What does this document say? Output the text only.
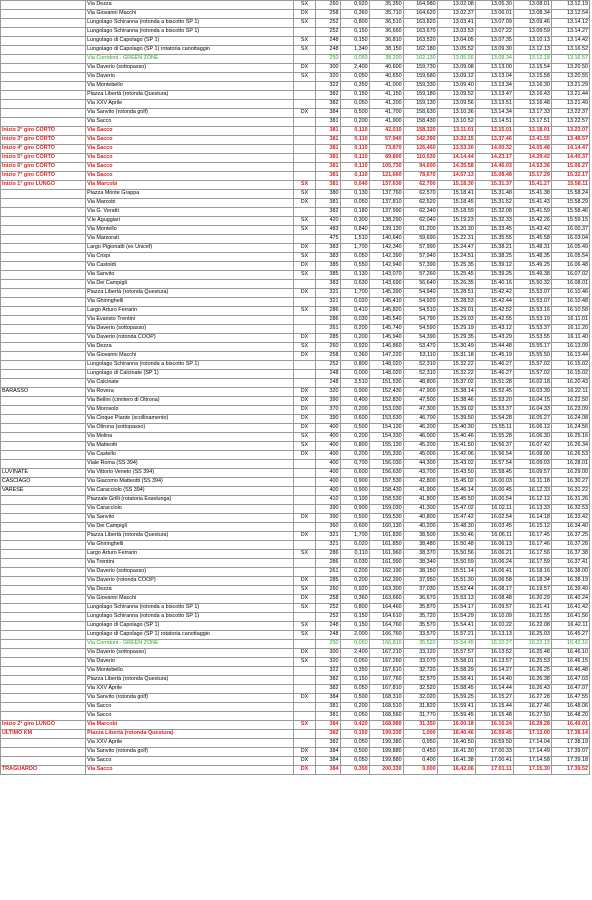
	Via Dezza	SX	260	0,920	35,350	164,980	13.02.08	13.05.30	13.08.01	13.12.19
	Via Giovanni Macchi	DX	258	0,360	35,710	164,620	13.02.37	13.06.01	13.08.34	13.12.54
	Lungolago Schiranna (rotonda a biscotto SP 1)	SX	252	0,800	36,510	163,820	13.03.41	13.07.09	13.09.46	13.14.12
	Lungolago Schiranna (rotonda a biscotto SP 1)		252	0,150	36,660	163,670	13.03.53	13.07.22	13.09.59	13.14.27
	Lungolago di Capolago (SP 1)	SX	248	0,150	36,810	163,520	13.04.05	13.07.35	13.10.13	13.14.42
	Lungolago di Capolago (SP 1) rotatoria canottaggio	SX	248	1,340	38,150	162,180	13.05.52	13.09.30	13.12.13	13.16.52
	Via Corridoni - GREEN ZONE		250	0,050	38,200	162,130	13.05.56	13.09.34	13.12.18	13.16.57
	Via Daverio (sottopasso)	DX	300	2,400	40,600	159,730	13.09.08	13.13.00	13.15.54	13.20.50
	Via Daverio	SX	320	0,050	40,650	159,680	13.09.12	13.13.04	13.15.58	13.20.55
	Via Montebello		322	0,350	41,000	159,330	13.09.40	13.13.34	13.16.30	13.21.29
	Piazza Libertà (rotonda Questura)		382	0,150	41,150	159,180	13.09.52	13.13.47	13.16.43	13.21.44
	Via XXV Aprile		382	0,050	41,200	159,130	13.09.56	13.13.51	13.16.48	13.21.49
	Via Sanvito (rotonda golf)	DX	384	0,500	41,700	158,630	13.10.36	13.14.34	13.17.33	13.22.37
	Via Sacco		381	0,200	41,900	158,430	13.10.52	13.14.51	13.17.51	13.22.57
Inizio 2° giro CORTO	Via Sacco		381	0,110	42,010	158,320	13.11.01	13.15.01	13.18.01	13.23.07
Inizio 3° giro CORTO	Via Sacco		381	0,110	57,940	142,390	13.32.15	13.37.46	13.41.55	13.48.57
Inizio 4° giro CORTO	Via Sacco		381	0,110	73,870	126,460	13.53.30	14.00.32	14.05.48	14.14.47
Inizio 5° giro CORTO	Via Sacco		381	0,110	89,800	110,530	14.14.44	14.23.17	14.29.42	14.40.37
Inizio 6° giro CORTO	Via Sacco		381	0,110	105,730	94,600	14.35.58	14.46.03	14.53.36	15.06.27
Inizio 7° giro CORTO	Via Sacco		381	0,110	121,660	78,670	14.57.13	15.08.48	15.17.29	15.32.17
Inizio 1° giro LUNGO	Via Marcobi	SX	381	0,040	137,630	62,700	15.18.30	15.31.37	15.41.27	15.58.11
	Piazza Monte Grappa	SX	380	0,130	137,760	62,570	15.18.41	15.31.48	15.41.38	15.58.24
	Via Marcobi	DX	381	0,050	137,810	62,520	15.18.45	15.31.52	15.41.43	15.58.29
	Via G. Veratti		382	0,180	137,990	62,340	15.18.59	15.32.08	15.41.59	15.58.46
	V.le Aguggiari	SX	420	0,300	138,290	62,040	15.19.23	15.32.33	15.42.26	15.59.15
	Via Montello	SX	483	0,840	139,130	61,200	15.20.30	15.33.45	15.43.42	16.00.37
	Via Marzorati		475	1,510	140,640	59,690	15.22.31	15.35.55	15.45.58	16.03.04
	Largo Pigionatti (ex Unicef)	DX	383	1,700	142,340	57,990	15.24.47	15.38.21	15.48.31	16.05.49
	Via Crispi	SX	383	0,050	142,390	57,940	15.24.51	15.38.25	15.48.35	16.05.54
	Via Castoldi	DX	385	0,550	142,940	57,390	15.25.35	15.39.12	15.49.25	16.06.48
	Via Sanvito	SX	385	0,130	143,070	57,260	15.25.45	15.39.25	15.49.38	16.07.02
	Via Dei Campigli		383	0,630	143,690	56,640	15.26.35	15.40.16	15.50.32	16.08.01
	Piazza Libertà (rotonda Questura)	DX	321	1,700	145,390	54,940	15.28.51	15.42.42	15.53.07	16.10.46
	Via Ghiringhelli		321	0,020	145,410	54,920	15.28.53	15.42.44	15.53.07	16.10.48
	Largo Arturo Ferrarin	SX	286	0,410	145,820	54,510	15.29.01	15.42.52	15.53.16	16.10.58
	Via Evaristo Trentini		286	0,030	145,540	54,790	15.29.03	15.42.55	15.53.19	16.11.01
	Via Daverio (sottopasso)		261	0,200	145,740	54,590	15.29.19	15.43.12	15.53.37	16.11.20
	Via Daverio (rotonda COOP)	DX	285	0,200	145,940	54,390	15.29.35	15.43.29	15.53.55	16.11.40
	Via Dezza	SX	260	0,920	146,860	53,470	15.30.49	15.44.48	15.55.17	16.13.09
	Via Giovanni Macchi	DX	258	0,360	147,220	53,110	15.31.18	15.45.19	15.55.50	16.13.44
	Lungolago Schiranna (rotonda a biscotto SP 1)		252	0,800	148,020	52,310	15.32.22	15.46.27	15.57.02	16.15.02
	Lungolago di Calcinate (SP 1)		248	0,000	148,020	52,310	15.32.22	15.46.27	15.57.02	16.15.02
	Via Calcinate		248	3,510	151,530	48,800	15.37.02	15.51.28	16.02.18	16.20.43
BARASSO	Via Rovera	DX	320	0,900	152,430	47,900	15.38.14	15.52.45	16.03.39	16.22.11
	Via Bellini (cimitero di Oltrona)	DX	390	0,400	152,830	47,500	15.38.46	15.53.20	16.04.15	16.22.50
	Via Morosolo	DX	370	0,200	153,030	47,300	15.39.02	15.53.37	16.04.33	16.23.09
	Via Cinque Piante (scollinamento)	DX	390	0,600	153,630	46,700	15.39.50	15.54.28	16.05.27	16.24.08
	Via Oltrona (sottopasso)	DX	400	0,500	154,130	46,200	15.40.30	15.55.11	16.06.12	16.24.56
	Via Molina	SX	400	0,200	154,330	46,000	15.40.46	15.55.28	16.06.30	16.25.16
	Via Matteotti	SX	400	0,800	155,130	45,200	15.41.50	15.56.37	16.07.42	16.26.34
	Via Castello	DX	400	0,200	155,330	45,000	15.42.06	15.56.54	16.08.00	16.26.53
	Viale Roma (SS 394)		400	0,700	156,030	44,300	15.43.02	15.57.54	16.09.03	16.28.01
LUVINATE	Via Vittorio Veneto (SS 394)		400	0,600	156,630	43,700	15.43.50	15.58.45	16.09.57	16.29.00
CASCIAGO	Via Giacomo Matteotti (SS 394)		400	0,900	157,530	42,800	15.45.02	16.00.03	16.11.18	16.30.27
VARESE	Via Caracciolo (SS 394)		400	0,900	158,430	41,900	15.46.14	16.00.45	16.12.33	16.31.22
	Piazzale Grilli (rotatoria Esselunga)		410	0,100	158,530	41,800	15.45.50	16.00.54	16.12.12	16.31.26
	Via Caracciolo		390	0,900	159,030	41,300	15.47.02	16.02.11	16.13.33	16.32.53
	Via Sanvito	DX	390	0,500	159,530	40,800	15.47.42	16.02.54	16.14.18	16.33.42
	Via Dei Campigli		360	0,600	160,130	40,200	15.48.30	16.03.45	16.15.12	16.34.40
	Piazza Libertà (rotonda Questura)	DX	321	1,700	161,830	38,500	15.50.46	16.06.11	16.17.45	16.37.25
	Via Ghiringhelli		321	0,020	161,850	38,480	15.50.48	16.06.13	16.17.46	16.37.28
	Largo Arturo Ferrarin	SX	286	0,110	161,960	38,370	15.50.56	16.06.21	16.17.56	16.37.38
	Via Trentini		286	0,030	161,990	38,340	15.50.59	16.06.24	16.17.59	16.37.41
	Via Daverio (sottopasso)		261	0,200	162,190	38,150	15.51.14	16.06.41	16.18.16	16.38.00
	Via Daverio (rotonda COOP)	DX	285	0,200	162,390	37,950	15.51.30	16.06.58	16.18.34	16.38.19
	Via Dezza	SX	260	0,920	163,300	37,030	15.52.44	16.08.17	16.19.57	16.39.49
	Via Giovanni Macchi	DX	258	0,360	163,660	36,670	15.53.13	16.08.48	16.20.29	16.40.24
	Lungolago Schiranna (rotonda a biscotto SP 1)	SX	252	0,800	164,460	35,870	15.54.17	16.09.57	16.21.41	16.41.42
	Lungolago Schiranna (rotonda a biscotto SP 1)		252	0,150	164,610	35,720	15.54.29	16.10.09	16.21.55	16.41.56
	Lungolago di Capolago (SP 1)	SX	248	0,150	164,760	35,570	15.54.41	16.10.22	16.22.08	16.42.11
	Lungolago di Capolago (SP 1) rotatoria canottaggio	SX	248	2,000	166,760	33,570	15.57.21	16.13.13	16.25.03	16.45.27
	Via Corridoni - GREEN ZONE		250	0,050	166,810	35,520	15.54.45	16.10.27	16.22.13	16.42.16
	Via Daverio (sottopasso)	DX	300	2,400	167,210	33,120	15.57.57	16.13.52	16.25.48	16.46.10
	Via Daverio	SX	320	0,050	167,260	33,070	15.58.01	16.13.57	16.25.53	16.46.15
	Via Montebello		322	0,350	167,610	32,720	15.58.29	16.14.27	16.26.25	16.46.48
	Piazza Libertà (rotonda Questura)		382	0,150	167,760	32,570	15.58.41	16.14.40	16.26.38	16.47.03
	Via XXV Aprile		382	0,050	167,810	32,520	15.58.45	16.14.44	16.26.43	16.47.07
	Via Sanvito (rotonda golf)	DX	384	0,500	168,310	32,020	15.59.25	16.15.27	16.27.28	16.47.55
	Via Sacco		381	0,200	168,510	31,820	15.59.41	16.15.44	16.27.46	16.48.06
	Via Sacco		381	0,050	168,560	31,770	15.59.45	16.15.48	16.27.50	16.48.20
Inizio 2° giro LUNGO	Via Marcobi	SX	384	0,420	168,980	31,350	16.00.18	16.16.24	16.28.28	16.49.01
ULTIMO KM	Piazza Libertà (rotonda Questura)		382	0,150	199,330	1,000	16.40.46	16.59.45	17.13.00	17.38.14
	Via XXV Aprile		382	0,050	199,380	0,950	16.40.50	16.59.50	17.14.04	17.38.19
	Via Sanvito (rotonda golf)	DX	384	0,500	199,880	0,450	16.41.30	17.00.33	17.14.49	17.39.07
	Via Sacco	DX	384	0,050	199,880	0,400	16.41.38	17.00.41	17.14.58	17.39.18
TRAGUARDO	Via Sacco	DX	384	0,350	200,330	0,000	16.42.06	17.01.11	17.15.30	17.39.52
